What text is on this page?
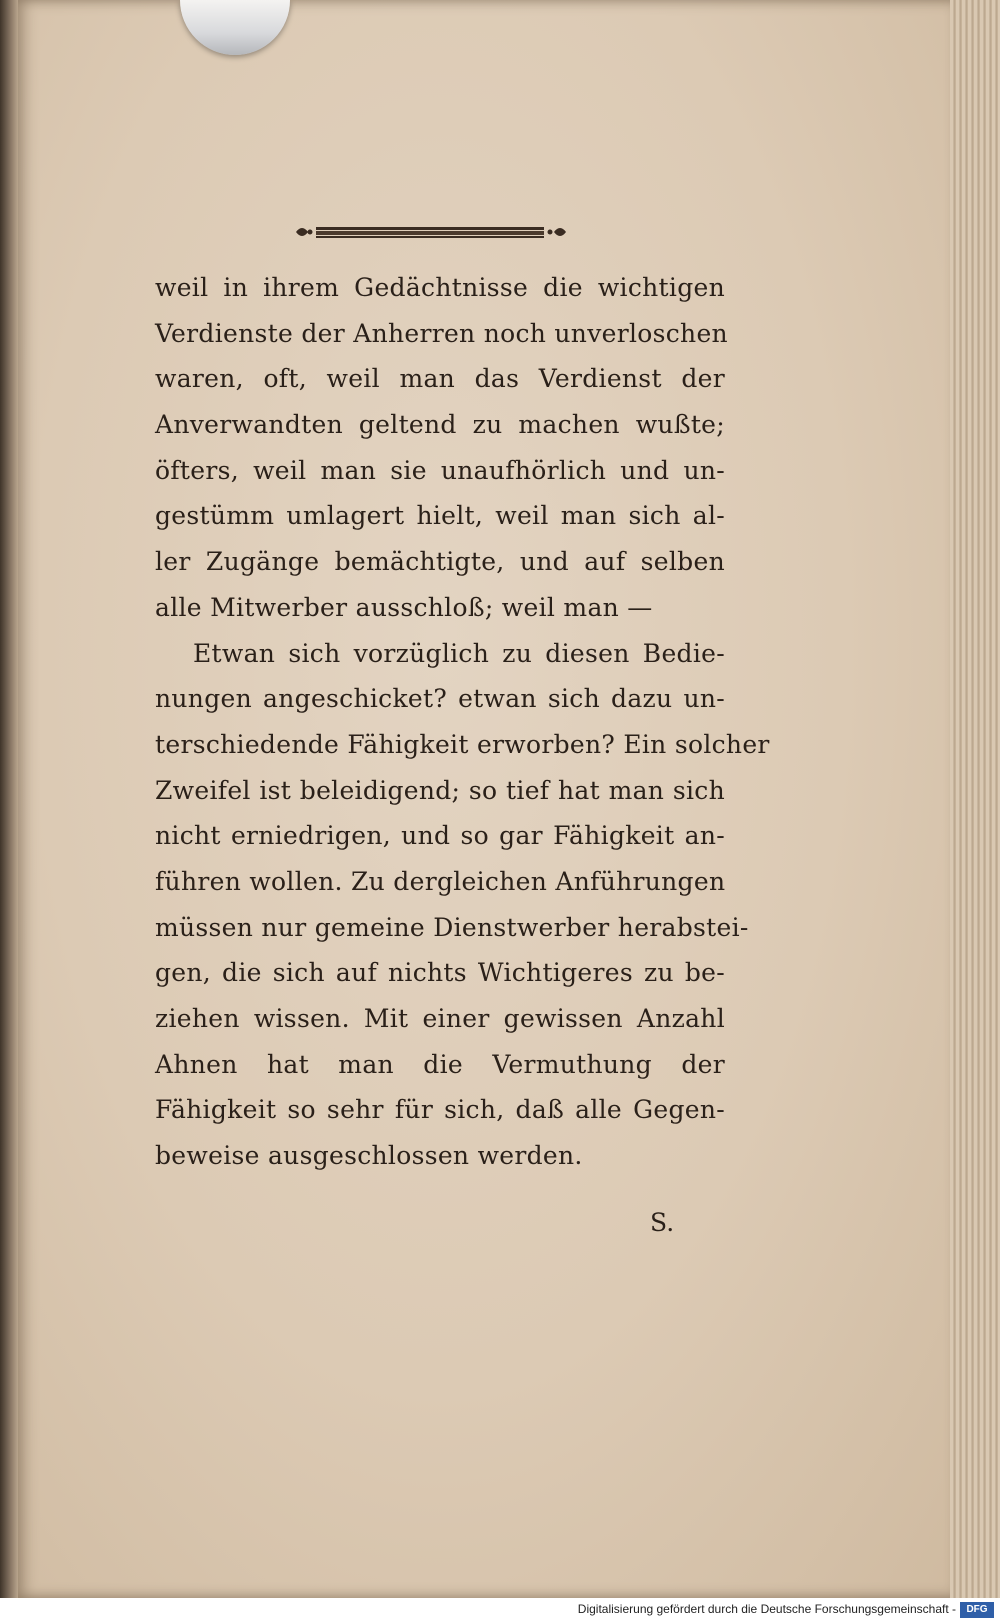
weil in ihrem Gedächtnisse die wichtigen
Verdienste der Anherren noch unverloschen
waren, oft, weil man das Verdienst der
Anverwandten geltend zu machen wußte;
öfters, weil man sie unaufhörlich und un-
gestümm umlagert hielt, weil man sich al-
ler Zugänge bemächtigte, und auf selben
alle Mitwerber ausschloß; weil man —
Etwan sich vorzüglich zu diesen Bedie-
nungen angeschicket? etwan sich dazu un-
terschiedende Fähigkeit erworben? Ein solcher
Zweifel ist beleidigend; so tief hat man sich
nicht erniedrigen, und so gar Fähigkeit an-
führen wollen. Zu dergleichen Anführungen
müssen nur gemeine Dienstwerber herabstei-
gen, die sich auf nichts Wichtigeres zu be-
ziehen wissen. Mit einer gewissen Anzahl
Ahnen hat man die Vermuthung der
Fähigkeit so sehr für sich, daß alle Gegen-
beweise ausgeschlossen werden.
S.
Digitalisierung gefördert durch die Deutsche Forschungsgemeinschaft -	DFG
